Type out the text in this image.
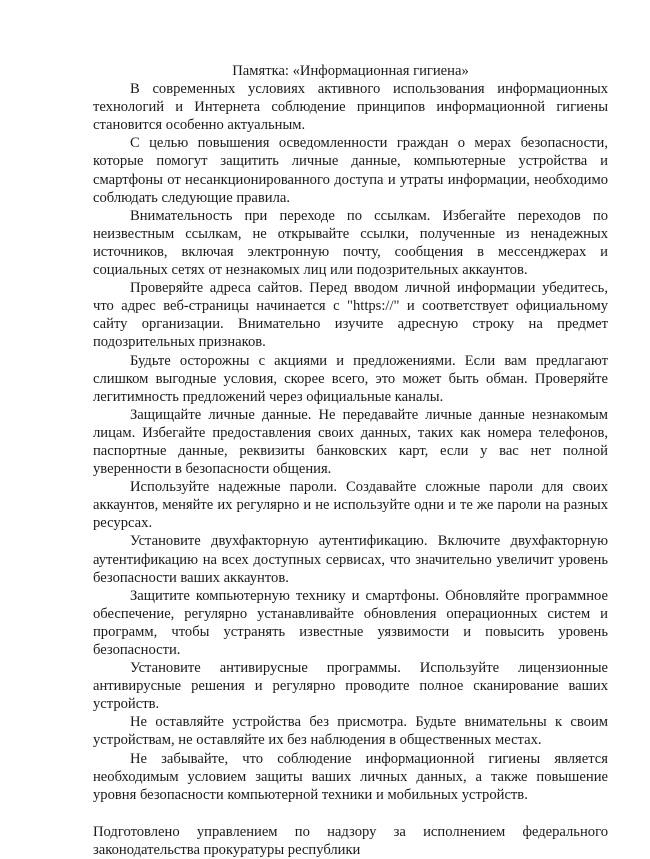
Памятка: «Информационная гигиена»

В современных условиях активного использования информационных технологий и Интернета соблюдение принципов информационной гигиены становится особенно актуальным.

С целью повышения осведомленности граждан о мерах безопасности, которые помогут защитить личные данные, компьютерные устройства и смартфоны от несанкционированного доступа и утраты информации, необходимо соблюдать следующие правила.

Внимательность при переходе по ссылкам. Избегайте переходов по неизвестным ссылкам, не открывайте ссылки, полученные из ненадежных источников, включая электронную почту, сообщения в мессенджерах и социальных сетях от незнакомых лиц или подозрительных аккаунтов.

Проверяйте адреса сайтов. Перед вводом личной информации убедитесь, что адрес веб-страницы начинается с "https://" и соответствует официальному сайту организации. Внимательно изучите адресную строку на предмет подозрительных признаков.

Будьте осторожны с акциями и предложениями. Если вам предлагают слишком выгодные условия, скорее всего, это может быть обман. Проверяйте легитимность предложений через официальные каналы.

Защищайте личные данные. Не передавайте личные данные незнакомым лицам. Избегайте предоставления своих данных, таких как номера телефонов, паспортные данные, реквизиты банковских карт, если у вас нет полной уверенности в безопасности общения.

Используйте надежные пароли. Создавайте сложные пароли для своих аккаунтов, меняйте их регулярно и не используйте одни и те же пароли на разных ресурсах.

Установите двухфакторную аутентификацию. Включите двухфакторную аутентификацию на всех доступных сервисах, что значительно увеличит уровень безопасности ваших аккаунтов.

Защитите компьютерную технику и смартфоны. Обновляйте программное обеспечение, регулярно устанавливайте обновления операционных систем и программ, чтобы устранять известные уязвимости и повысить уровень безопасности.

Установите антивирусные программы. Используйте лицензионные антивирусные решения и регулярно проводите полное сканирование ваших устройств.

Не оставляйте устройства без присмотра. Будьте внимательны к своим устройствам, не оставляйте их без наблюдения в общественных местах.

Не забывайте, что соблюдение информационной гигиены является необходимым условием защиты ваших личных данных, а также повышение уровня безопасности компьютерной техники и мобильных устройств.

Подготовлено управлением по надзору за исполнением федерального законодательства прокуратуры республики
